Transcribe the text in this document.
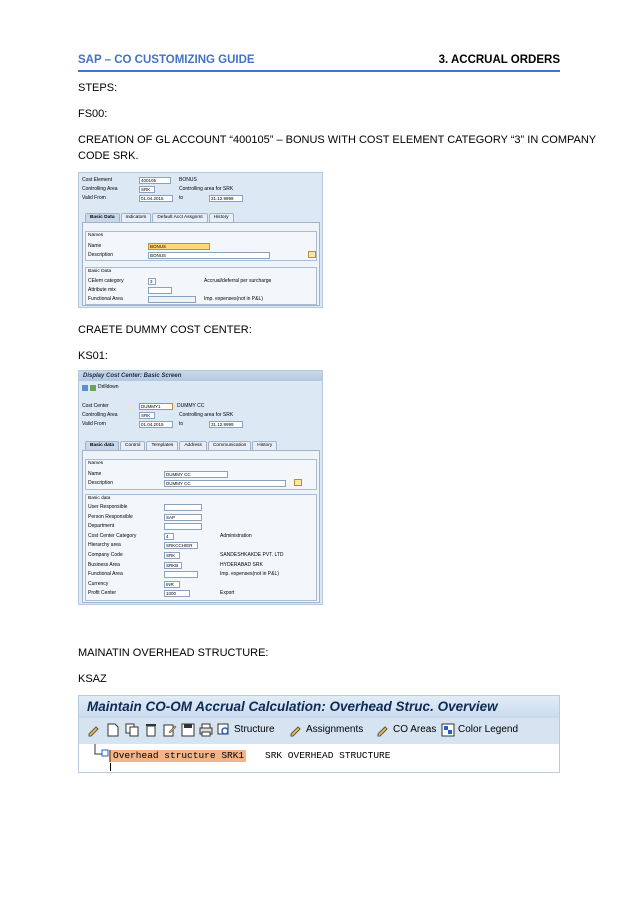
SAP – CO CUSTOMIZING GUIDE	3. ACCRUAL ORDERS
STEPS:
FS00:
CREATION OF GL ACCOUNT “400105” – BONUS WITH COST ELEMENT CATEGORY “3” IN COMPANY
CODE SRK.
Cost Element	400105	BONUS
Controlling Area	SRK	Controlling area for SRK
Valid From	01.04.2015	to	31.12.9999
Basic Data	Indicators	Default Acct Assgnmt	History
Names
Name	BONUS
Description	BONUS
Basic Data
CElem category	3	Accrual/deferral per surcharge
Attribute mix
Functional Area	Imp. expenses(not in P&L)
CRAETE DUMMY COST CENTER:
KS01:
Display Cost Center: Basic Screen
Drilldown
Cost Center	DUMMY1	DUMMY CC
Controlling Area	SRK	Controlling area for SRK
Valid From	01.04.2015	to	31.12.9999
Basic data	Control	Templates	Address	Communication	History
Names
Name	DUMMY CC
Description	DUMMY CC
Basic data
User Responsible
Person Responsible	SAP
Department
Cost Center Category	4	Administration
Hierarchy area	SRKCCHIER
Company Code	SRK	SANDESHKAKDE PVT. LTD
Business Area	SRKB	HYDERABAD SRK
Functional Area	Imp. expenses(not in P&L)
Currency	INR
Profit Center	1000	Export
MAINATIN OVERHEAD STRUCTURE:
KSAZ
Maintain CO-OM Accrual Calculation: Overhead Struc. Overview
Structure	Assignments	CO Areas Color Legend
Overhead structure SRK1 SRK OVERHEAD STRUCTURE
